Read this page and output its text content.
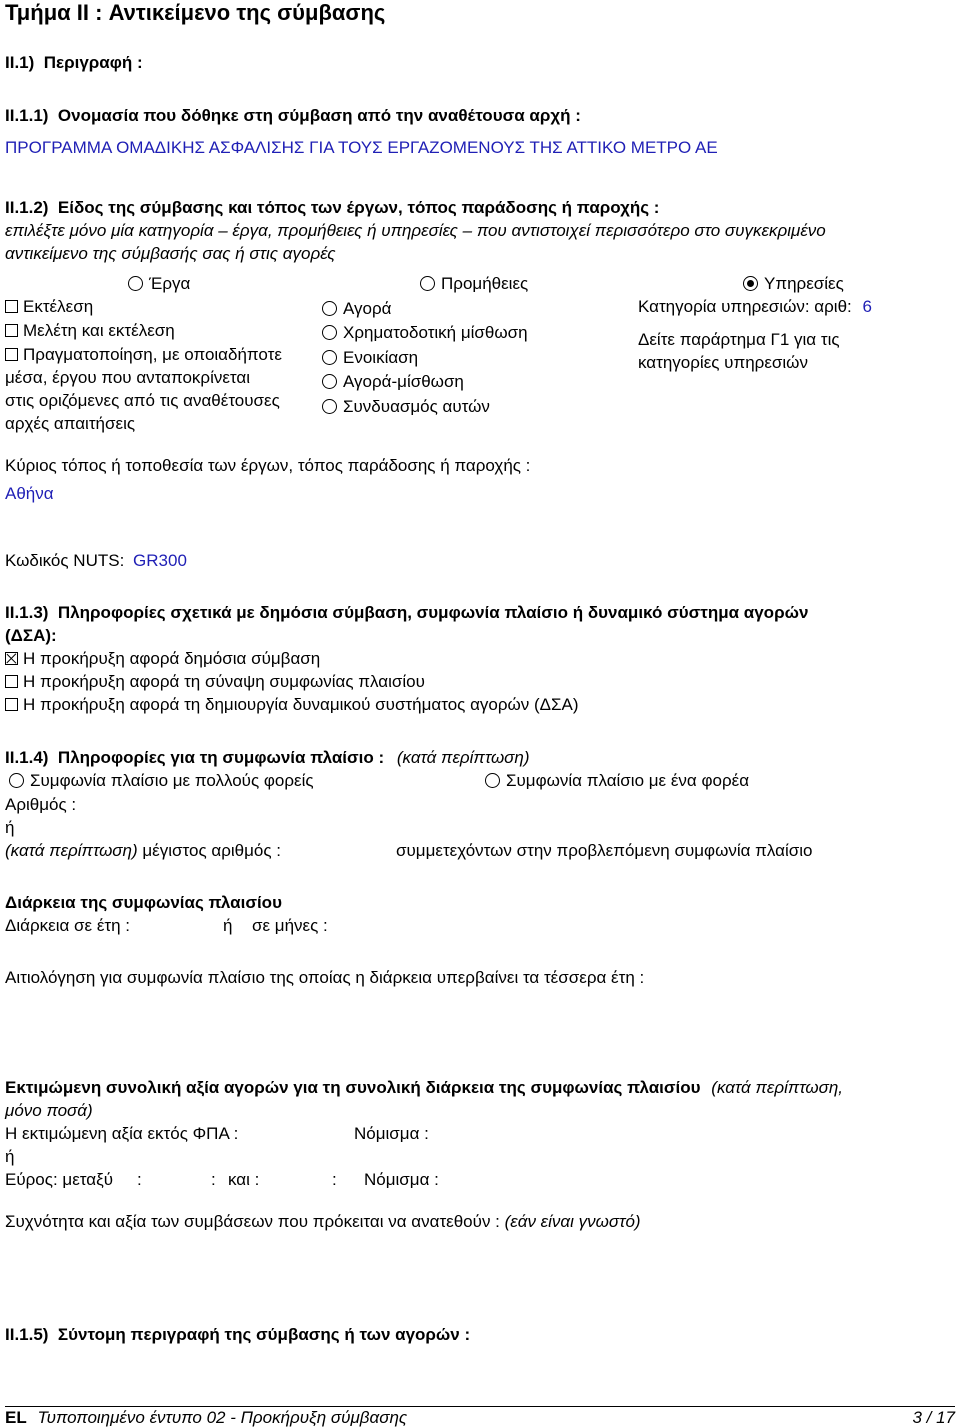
Τμήμα II : Αντικείμενο της σύμβασης
II.1) Περιγραφή :
II.1.1) Ονομασία που δόθηκε στη σύμβαση από την αναθέτουσα αρχή :
ΠΡΟΓΡΑΜΜΑ ΟΜΑΔΙΚΗΣ ΑΣΦΑΛΙΣΗΣ ΓΙΑ ΤΟΥΣ ΕΡΓΑΖΟΜΕΝΟΥΣ ΤΗΣ ΑΤΤΙΚΟ ΜΕΤΡΟ ΑΕ
II.1.2) Είδος της σύμβασης και τόπος των έργων, τόπος παράδοσης ή παροχής :
επιλέξτε μόνο μία κατηγορία – έργα, προμήθειες ή υπηρεσίες – που αντιστοιχεί περισσότερο στο συγκεκριμένο
αντικείμενο της σύμβασής σας ή στις αγορές
Έργα	Προμήθειες	Υπηρεσίες
Εκτέλεση
Μελέτη και εκτέλεση
Πραγματοποίηση, με οποιαδήποτε
μέσα, έργου που ανταποκρίνεται
στις οριζόμενες από τις αναθέτουσες
αρχές απαιτήσεις
Αγορά
Χρηματοδοτική μίσθωση
Ενοικίαση
Αγορά-μίσθωση
Συνδυασμός αυτών
Κατηγορία υπηρεσιών: αριθ: 6
Δείτε παράρτημα Γ1 για τις
κατηγορίες υπηρεσιών
Κύριος τόπος ή τοποθεσία των έργων, τόπος παράδοσης ή παροχής :
Αθήνα
Κωδικός NUTS: GR300
II.1.3) Πληροφορίες σχετικά με δημόσια σύμβαση, συμφωνία πλαίσιο ή δυναμικό σύστημα αγορών
(ΔΣΑ):
Η προκήρυξη αφορά δημόσια σύμβαση
Η προκήρυξη αφορά τη σύναψη συμφωνίας πλαισίου
Η προκήρυξη αφορά τη δημιουργία δυναμικού συστήματος αγορών (ΔΣΑ)
II.1.4) Πληροφορίες για τη συμφωνία πλαίσιο : (κατά περίπτωση)
Συμφωνία πλαίσιο με πολλούς φορείς	Συμφωνία πλαίσιο με ένα φορέα
Αριθμός :
ή
(κατά περίπτωση) μέγιστος αριθμός :	συμμετεχόντων στην προβλεπόμενη συμφωνία πλαίσιο
Διάρκεια της συμφωνίας πλαισίου
Διάρκεια σε έτη :	ή σε μήνες :
Αιτιολόγηση για συμφωνία πλαίσιο της οποίας η διάρκεια υπερβαίνει τα τέσσερα έτη :
Εκτιμώμενη συνολική αξία αγορών για τη συνολική διάρκεια της συμφωνίας πλαισίου (κατά περίπτωση,
μόνο ποσά)
Η εκτιμώμενη αξία εκτός ΦΠΑ :	Νόμισμα :
ή
Εύρος: μεταξύ :	: και :	: Νόμισμα :
Συχνότητα και αξία των συμβάσεων που πρόκειται να ανατεθούν : (εάν είναι γνωστό)
II.1.5) Σύντομη περιγραφή της σύμβασης ή των αγορών :
EL Τυποποιημένο έντυπο 02 - Προκήρυξη σύμβασης	3 / 17
